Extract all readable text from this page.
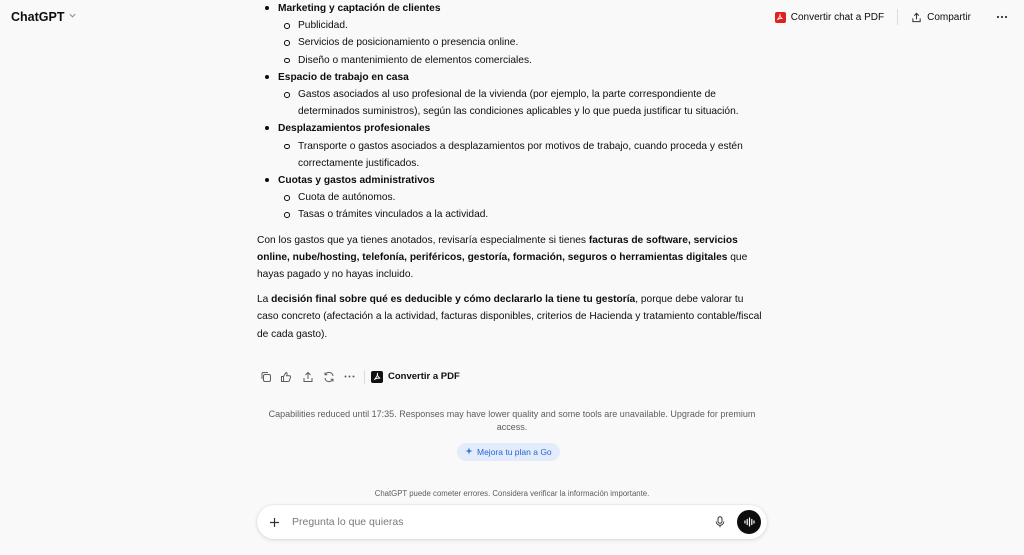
ChatGPT	Convertir chat a PDF	Compartir
Marketing y captación de clientes
Publicidad.
Servicios de posicionamiento o presencia online.
Diseño o mantenimiento de elementos comerciales.
Espacio de trabajo en casa
Gastos asociados al uso profesional de la vivienda (por ejemplo, la parte correspondiente de determinados suministros), según las condiciones aplicables y lo que pueda justificar tu situación.
Desplazamientos profesionales
Transporte o gastos asociados a desplazamientos por motivos de trabajo, cuando proceda y estén correctamente justificados.
Cuotas y gastos administrativos
Cuota de autónomos.
Tasas o trámites vinculados a la actividad.

Con los gastos que ya tienes anotados, revisaría especialmente si tienes facturas de software, servicios online, nube/hosting, telefonía, periféricos, gestoría, formación, seguros o herramientas digitales que hayas pagado y no hayas incluido.

La decisión final sobre qué es deducible y cómo declararlo la tiene tu gestoría, porque debe valorar tu caso concreto (afectación a la actividad, facturas disponibles, criterios de Hacienda y tratamiento contable/fiscal de cada gasto).

Convertir a PDF
Capabilities reduced until 17:35. Responses may have lower quality and some tools are unavailable. Upgrade for premium access.
Mejora tu plan a Go
ChatGPT puede cometer errores. Considera verificar la información importante.
Pregunta lo que quieras
